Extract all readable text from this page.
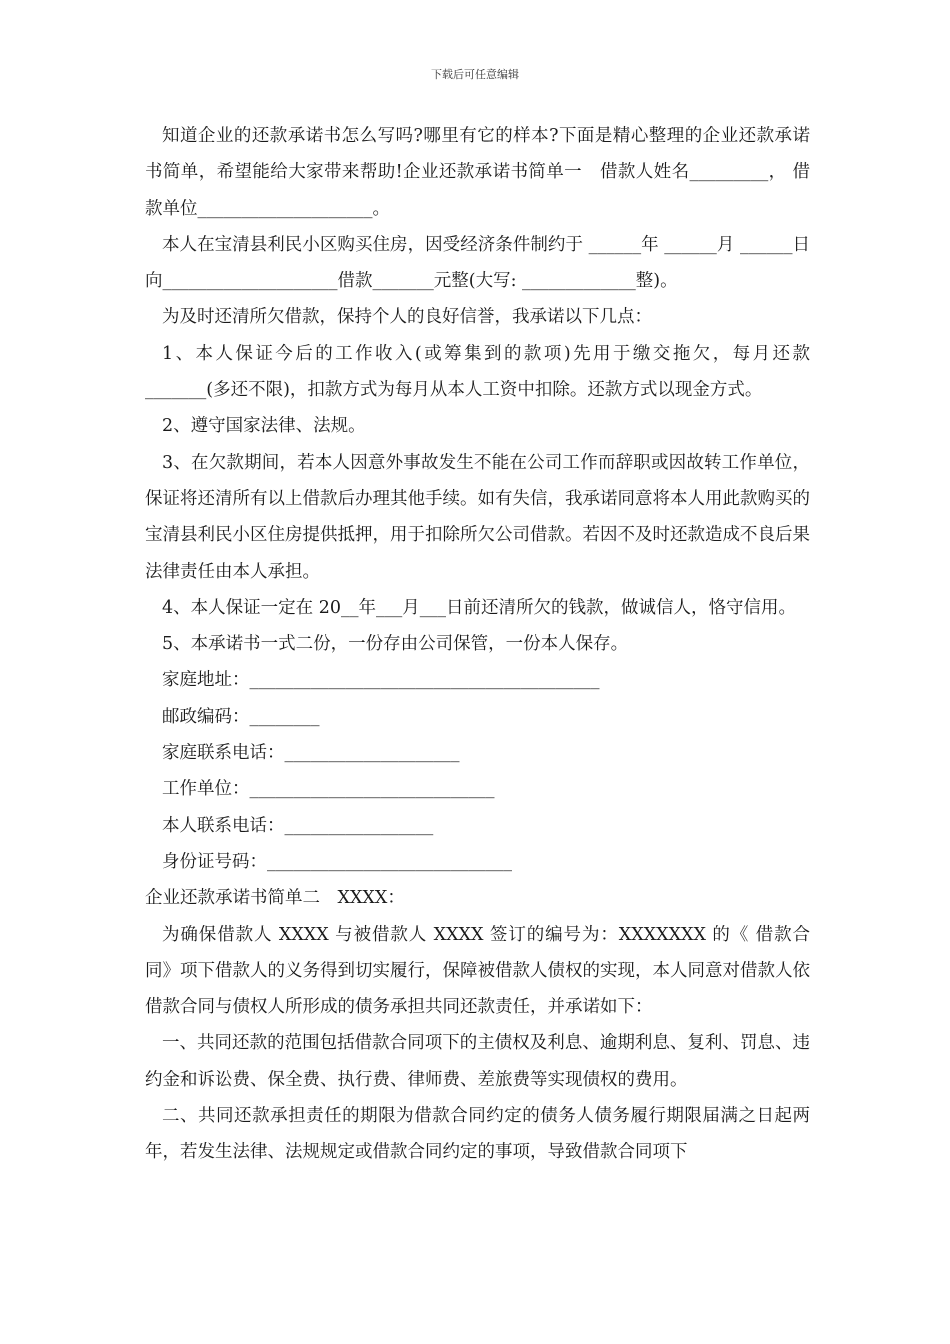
下载后可任意编辑

知道企业的还款承诺书怎么写吗?哪里有它的样本?下面是精心整理的企业还款承诺书简单，希望能给大家带来帮助!企业还款承诺书简单一　借款人姓名_________， 借款单位____________________。

本人在宝清县利民小区购买住房，因受经济条件制约于 ______年 ______月 ______日向____________________借款_______元整(大写: _____________整)。

为及时还清所欠借款，保持个人的良好信誉，我承诺以下几点：

1、本人保证今后的工作收入(或筹集到的款项)先用于缴交拖欠，每月还款_______(多还不限)，扣款方式为每月从本人工资中扣除。还款方式以现金方式。

2、遵守国家法律、法规。

3、在欠款期间，若本人因意外事故发生不能在公司工作而辞职或因故转工作单位，保证将还清所有以上借款后办理其他手续。如有失信，我承诺同意将本人用此款购买的宝清县利民小区住房提供抵押，用于扣除所欠公司借款。若因不及时还款造成不良后果法律责任由本人承担。

4、本人保证一定在 20__年___月___日前还清所欠的钱款，做诚信人，恪守信用。

5、本承诺书一式二份，一份存由公司保管，一份本人保存。

家庭地址：________________________________________
邮政编码：________
家庭联系电话：____________________
工作单位：____________________________
本人联系电话：_________________
身份证号码：____________________________
企业还款承诺书简单二　XXXX：

为确保借款人 XXXX 与被借款人 XXXX 签订的编号为：XXXXXXX 的《 借款合同》项下借款人的义务得到切实履行，保障被借款人债权的实现，本人同意对借款人依借款合同与债权人所形成的债务承担共同还款责任，并承诺如下：

一、共同还款的范围包括借款合同项下的主债权及利息、逾期利息、复利、罚息、违约金和诉讼费、保全费、执行费、律师费、差旅费等实现债权的费用。

二、共同还款承担责任的期限为借款合同约定的债务人债务履行期限届满之日起两年，若发生法律、法规规定或借款合同约定的事项，导致借款合同项下
